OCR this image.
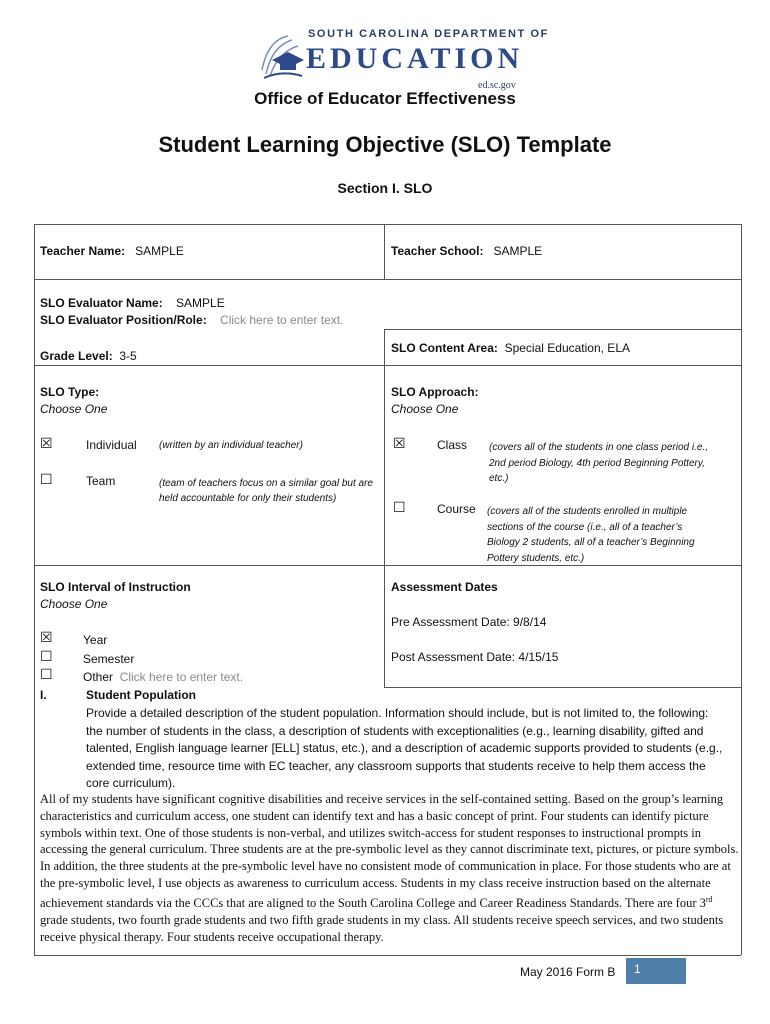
SOUTH CAROLINA DEPARTMENT OF
EDUCATION
ed.sc.gov
Office of Educator Effectiveness
Student Learning Objective (SLO) Template
Section I. SLO
Teacher Name: SAMPLE	Teacher School: SAMPLE
SLO Evaluator Name: SAMPLE
SLO Evaluator Position/Role: Click here to enter text.
Grade Level: 3-5
SLO Content Area: Special Education, ELA
SLO Type:
Choose One
☒	Individual (written by an individual teacher)
☐	Team	(team of teachers focus on a similar goal but are held accountable for only their students)
SLO Approach:
Choose One
☒	Class (covers all of the students in one class period i.e., 2nd period Biology, 4th period Beginning Pottery, etc.)
☐	Course (covers all of the students enrolled in multiple sections of the course (i.e., all of a teacher’s Biology 2 students, all of a teacher’s Beginning Pottery students, etc.)
SLO Interval of Instruction
Choose One
☒	Year
☐	Semester
☐	Other Click here to enter text.
Assessment Dates
Pre Assessment Date: 9/8/14
Post Assessment Date: 4/15/15
I.	Student Population
Provide a detailed description of the student population. Information should include, but is not limited to, the following: the number of students in the class, a description of students with exceptionalities (e.g., learning disability, gifted and talented, English language learner [ELL] status, etc.), and a description of academic supports provided to students (e.g., extended time, resource time with EC teacher, any classroom supports that students receive to help them access the core curriculum).
All of my students have significant cognitive disabilities and receive services in the self-contained setting. Based on the group’s learning characteristics and curriculum access, one student can identify text and has a basic concept of print. Four students can identify picture symbols within text. One of those students is non-verbal, and utilizes switch-access for student responses to instructional prompts in accessing the general curriculum. Three students are at the pre-symbolic level as they cannot discriminate text, pictures, or picture symbols. In addition, the three students at the pre-symbolic level have no consistent mode of communication in place. For those students who are at the pre-symbolic level, I use objects as awareness to curriculum access. Students in my class receive instruction based on the alternate achievement standards via the CCCs that are aligned to the South Carolina College and Career Readiness Standards. There are four 3rd grade students, two fourth grade students and two fifth grade students in my class. All students receive speech services, and two students receive physical therapy. Four students receive occupational therapy.
May 2016 Form B	1
